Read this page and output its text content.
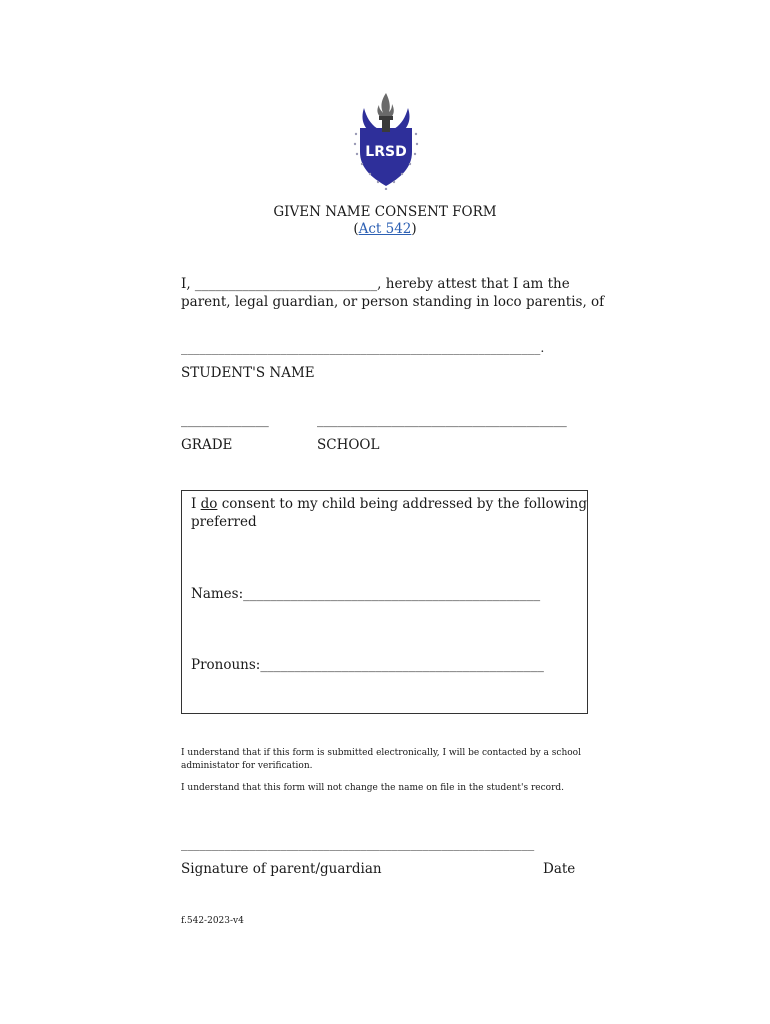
LRSD
GIVEN NAME CONSENT FORM
(Act 542)
I, ___________________________, hereby attest that I am the
parent, legal guardian, or person standing in loco parentis, of
__________________________________________________________.
STUDENT'S NAME
_____________	_____________________________________
GRADE	SCHOOL
I do consent to my child being addressed by the following
preferred
Names:____________________________________________
Pronouns:__________________________________________
I understand that if this form is submitted electronically, I will be contacted by a school
administator for verification.
I understand that this form will not change the name on file in the student's record.
_________________________________________________________
Signature of parent/guardian	Date
f.542-2023-v4
